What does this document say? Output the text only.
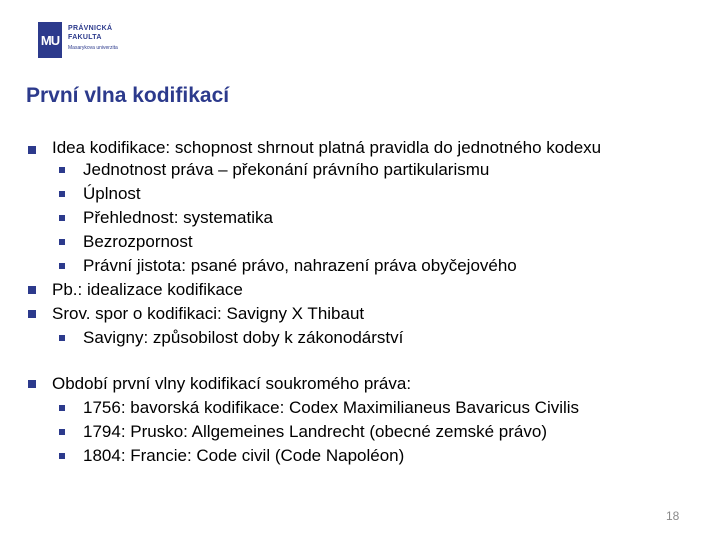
MU
PRÁVNICKÁ
FAKULTA
Masarykova univerzita
První vlna kodifikací
Idea kodifikace: schopnost shrnout platná pravidla do jednotného kodexu
Jednotnost práva – překonání právního partikularismu
Úplnost
Přehlednost: systematika
Bezrozpornost
Právní jistota: psané právo, nahrazení práva obyčejového
Pb.: idealizace kodifikace
Srov. spor o kodifikaci: Savigny X Thibaut
Savigny: způsobilost doby k zákonodárství
Období první vlny kodifikací soukromého práva:
1756: bavorská kodifikace: Codex Maximilianeus Bavaricus Civilis
1794: Prusko: Allgemeines Landrecht (obecné zemské právo)
1804: Francie: Code civil (Code Napoléon)
18
